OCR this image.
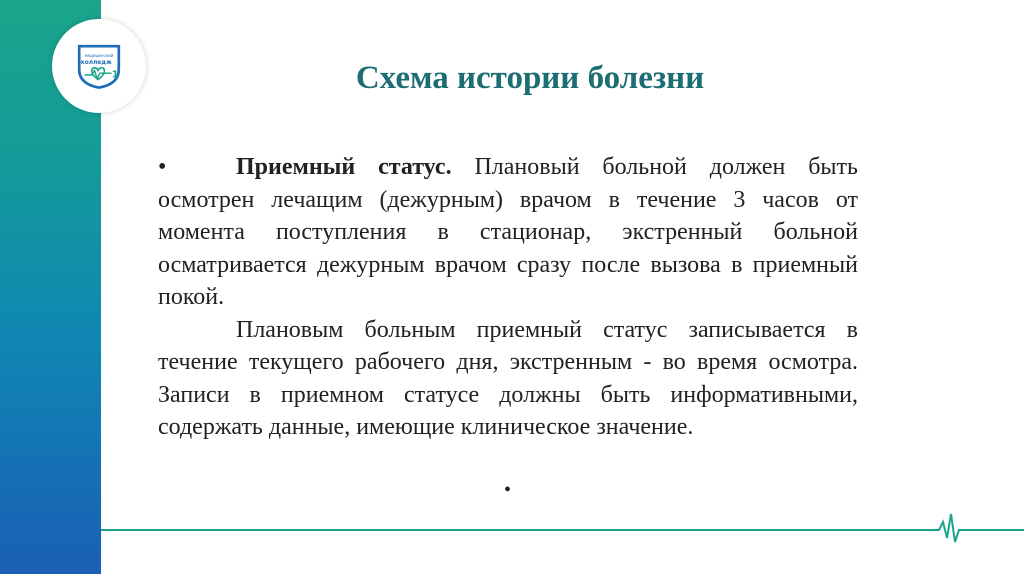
медицинский
колледж
1	Схема истории болезни

•	Приемный статус. Плановый больной должен быть осмотрен лечащим (дежурным) врачом в течение 3 часов от момента поступления в стационар, экстренный больной осматривается дежурным врачом сразу после вызова в приемный покой.

Плановым больным приемный статус записывается в течение текущего рабочего дня, экстренным - во время осмотра. Записи в приемном статусе должны быть информативными, содержать данные, имеющие клиническое значение.

•
